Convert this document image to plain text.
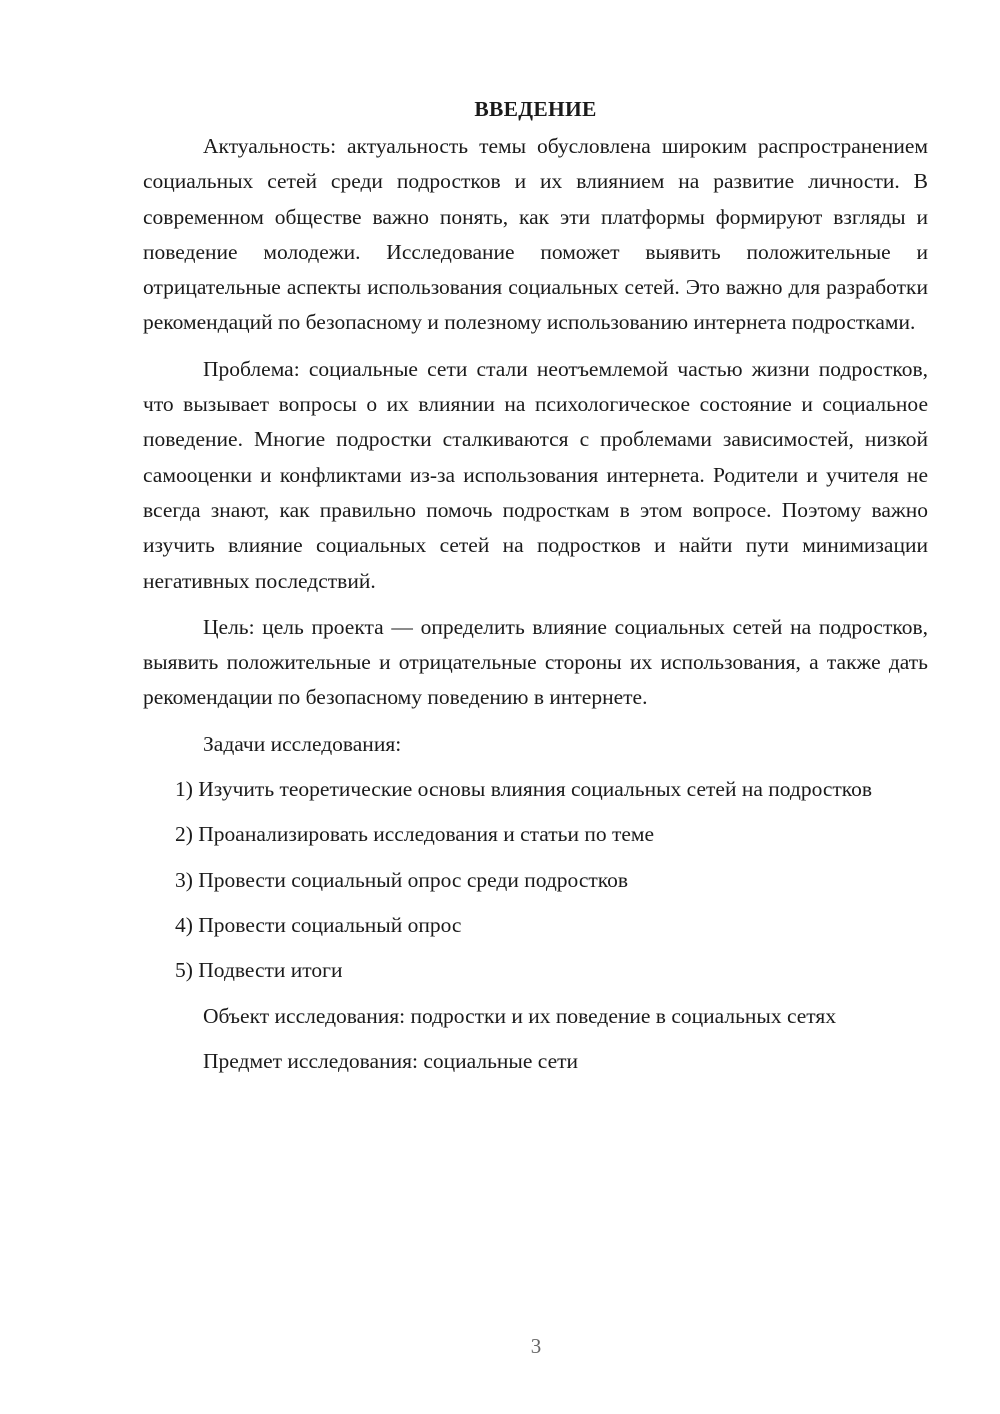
ВВЕДЕНИЕ

Актуальность: актуальность темы обусловлена широким распространением социальных сетей среди подростков и их влиянием на развитие личности. В современном обществе важно понять, как эти платформы формируют взгляды и поведение молодежи. Исследование поможет выявить положительные и отрицательные аспекты использования социальных сетей. Это важно для разработки рекомендаций по безопасному и полезному использованию интернета подростками.

Проблема: социальные сети стали неотъемлемой частью жизни подростков, что вызывает вопросы о их влиянии на психологическое состояние и социальное поведение. Многие подростки сталкиваются с проблемами зависимостей, низкой самооценки и конфликтами из-за использования интернета. Родители и учителя не всегда знают, как правильно помочь подросткам в этом вопросе. Поэтому важно изучить влияние социальных сетей на подростков и найти пути минимизации негативных последствий.

Цель: цель проекта — определить влияние социальных сетей на подростков, выявить положительные и отрицательные стороны их использования, а также дать рекомендации по безопасному поведению в интернете.

Задачи исследования:

1) Изучить теоретические основы влияния социальных сетей на подростков

2) Проанализировать исследования и статьи по теме

3) Провести социальный опрос среди подростков

4) Провести социальный опрос

5) Подвести итоги

Объект исследования: подростки и их поведение в социальных сетях

Предмет исследования: социальные сети

3
